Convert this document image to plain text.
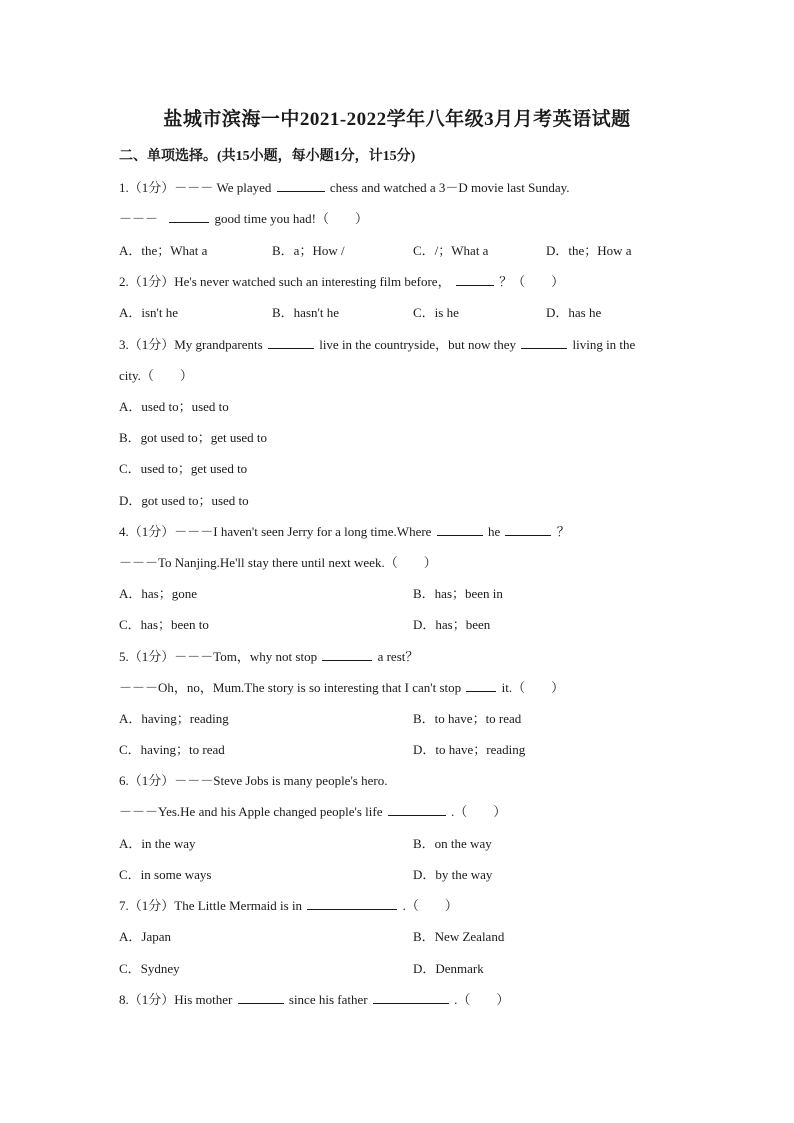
盐城市滨海一中2021-2022学年八年级3月月考英语试题
二、单项选择。(共15小题，每小题1分，计15分)
1.（1分）－－－ We played	chess and watched a 3－D movie last Sunday.
－－－	good time you had!（　　）
A．the；What a	B．a；How /	C．/；What a	D．the；How a
2.（1分）He's never watched such an interesting film before，	？（　　）
A．isn't he	B．hasn't he	C．is he	D．has he
3.（1分）My grandparents	live in the countryside，but now they	living in the
city.（　　）
A．used to；used to
B．got used to；get used to
C．used to；get used to
D．got used to；used to
4.（1分）－－－I haven't seen Jerry for a long time.Where	he	？
－－－To Nanjing.He'll stay there until next week.（　　）
A．has；gone	B．has；been in
C．has；been to	D．has；been
5.（1分）－－－Tom，why not stop	a rest？
－－－Oh，no，Mum.The story is so interesting that I can't stop	it.（　　）
A．having；reading	B．to have；to read
C．having；to read	D．to have；reading
6.（1分）－－－Steve Jobs is many people's hero.
－－－Yes.He and his Apple changed people's life	.（　　）
A．in the way	B．on the way
C．in some ways	D．by the way
7.（1分）The Little Mermaid is in	.（　　）
A．Japan	B．New Zealand
C．Sydney	D．Denmark
8.（1分）His mother	since his father	.（　　）
